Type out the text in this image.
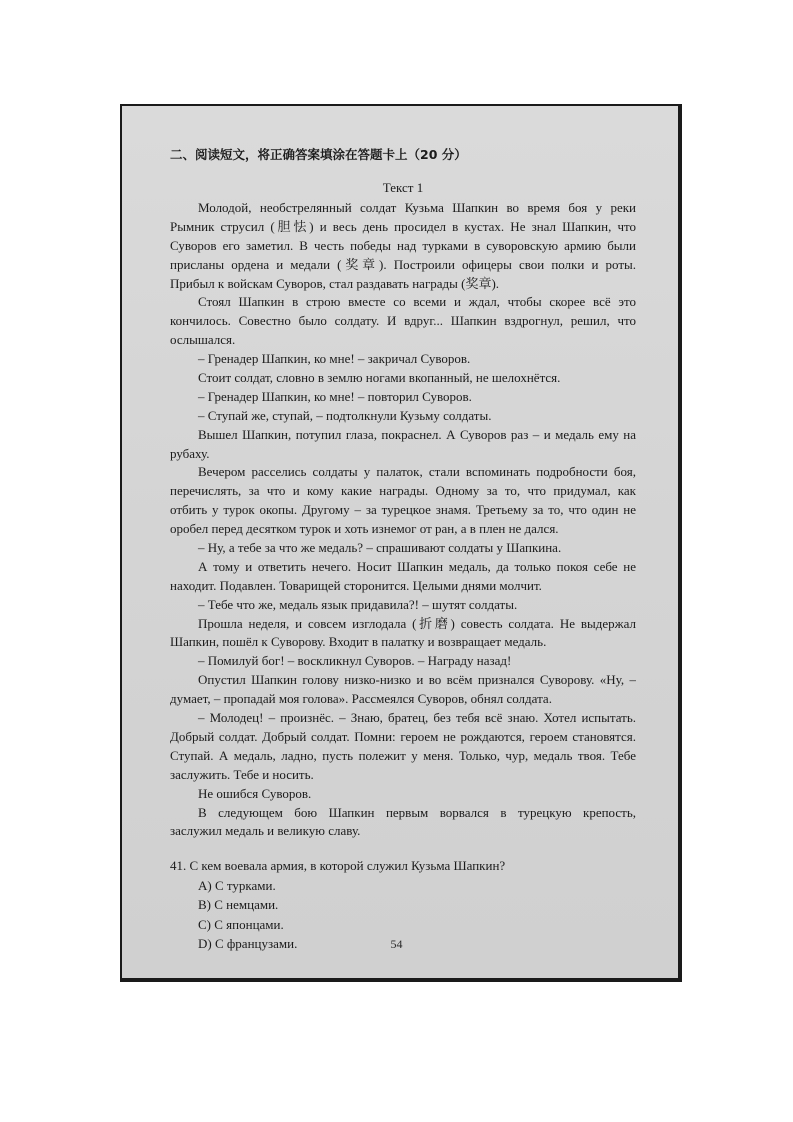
二、阅读短文，将正确答案填涂在答题卡上（20 分）
Текст 1
Молодой, необстрелянный солдат Кузьма Шапкин во время боя у реки
Рымник струсил (胆怯) и весь день просидел в кустах. Не знал Шапкин, что
Суворов его заметил. В честь победы над турками в суворовскую армию были
присланы ордена и медали (奖章). Построили офицеры свои полки и роты.
Прибыл к войскам Суворов, стал раздавать награды (奖章).
Стоял Шапкин в строю вместе со всеми и ждал, чтобы скорее всё это
кончилось. Совестно было солдату. И вдруг... Шапкин вздрогнул, решил, что
ослышался.
– Гренадер Шапкин, ко мне! – закричал Суворов.
Стоит солдат, словно в землю ногами вкопанный, не шелохнётся.
– Гренадер Шапкин, ко мне! – повторил Суворов.
– Ступай же, ступай, – подтолкнули Кузьму солдаты.
Вышел Шапкин, потупил глаза, покраснел. А Суворов раз – и медаль ему на
рубаху.
Вечером расселись солдаты у палаток, стали вспоминать подробности боя,
перечислять, за что и кому какие награды. Одному за то, что придумал, как
отбить у турок окопы. Другому – за турецкое знамя. Третьему за то, что один не
оробел перед десятком турок и хоть изнемог от ран, а в плен не дался.
– Ну, а тебе за что же медаль? – спрашивают солдаты у Шапкина.
А тому и ответить нечего. Носит Шапкин медаль, да только покоя себе не
находит. Подавлен. Товарищей сторонится. Целыми днями молчит.
– Тебе что же, медаль язык придавила?! – шутят солдаты.
Прошла неделя, и совсем изглодала (折磨) совесть солдата. Не выдержал
Шапкин, пошёл к Суворову. Входит в палатку и возвращает медаль.
– Помилуй бог! – воскликнул Суворов. – Награду назад!
Опустил Шапкин голову низко-низко и во всём признался Суворову. «Ну, –
думает, – пропадай моя голова». Рассмеялся Суворов, обнял солдата.
– Молодец! – произнёс. – Знаю, братец, без тебя всё знаю. Хотел испытать.
Добрый солдат. Добрый солдат. Помни: героем не рождаются, героем становятся.
Ступай. А медаль, ладно, пусть полежит у меня. Только, чур, медаль твоя. Тебе
заслужить. Тебе и носить.
Не ошибся Суворов.
В следующем бою Шапкин первым ворвался в турецкую крепость,
заслужил медаль и великую славу.
41. С кем воевала армия, в которой служил Кузьма Шапкин?
A) С турками.
B) С немцами.
C) С японцами.
D) С французами.	54
